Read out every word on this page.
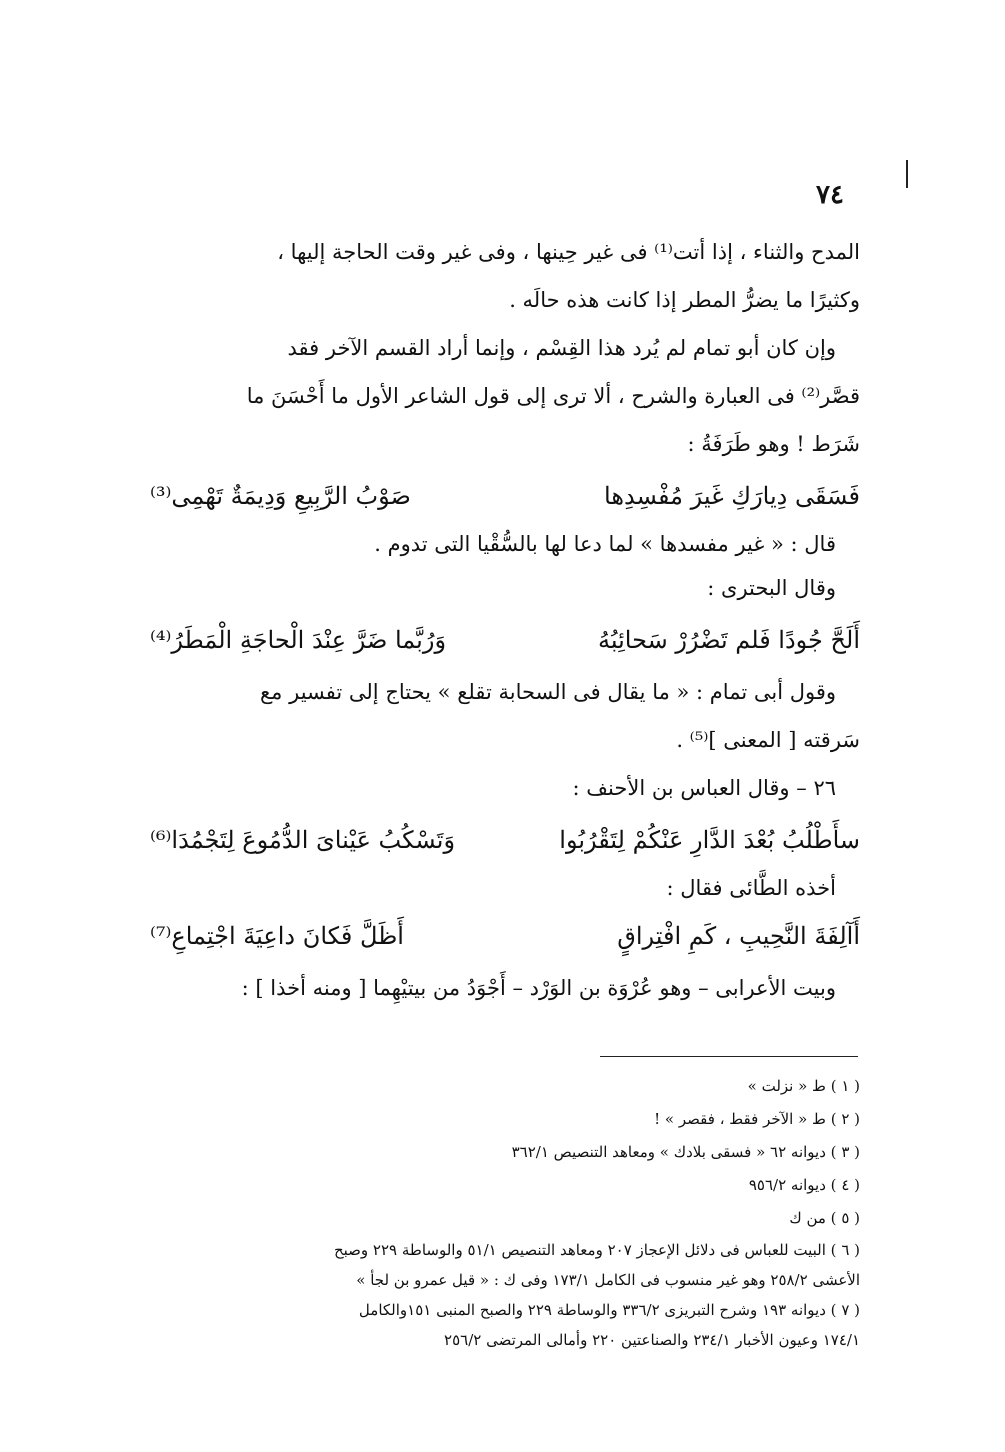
٧٤

المدح والثناء ، إذا أتت⁽¹⁾ فى غير حِينها ، وفى غير وقت الحاجة إليها ،

وكثيرًا ما يضرُّ المطر إذا كانت هذه حالَه .

وإن كان أبو تمام لم يُرد هذا القِسْم ، وإنما أراد القسم الآخر فقد

قصَّر⁽²⁾ فى العبارة والشرح ، ألا ترى إلى قول الشاعر الأول ما أَحْسَنَ ما

شَرَط ! وهو طَرَفَةُ :

فَسَقَى دِيارَكِ غَيرَ مُفْسِدِها
صَوْبُ الرَّبِيعِ وَدِيمَةٌ تَهْمِى⁽³⁾

قال : « غير مفسدها » لما دعا لها بالسُّقْيا التى تدوم .

وقال البحترى :

أَلَحَّ جُودًا فَلم تَضْرُرْ سَحائِبُهُ
وَرُبَّما ضَرَّ عِنْدَ الْحاجَةِ الْمَطَرُ⁽⁴⁾

وقول أبى تمام : « ما يقال فى السحابة تقلع » يحتاج إلى تفسير مع

سَرقته [ المعنى ]⁽⁵⁾ .

٢٦ – وقال العباس بن الأحنف :

سأَطْلُبُ بُعْدَ الدَّارِ عَنْكُمْ لِتَقْرُبُوا
وَتَسْكُبُ عَيْناىَ الدُّمُوعَ لِتَجْمُدَا⁽⁶⁾

أخذه الطَّائى فقال :

أَآلِفَةَ النَّحِيبِ ، كَمِ افْتِراقٍ
أَظَلَّ فَكانَ داعِيَةَ اجْتِماعِ⁽⁷⁾

وبيت الأعرابى – وهو عُرْوَة بن الوَرْد – أَجْوَدُ من بيتيْهِما [ ومنه أخذا ] :

( ١ ) ط « نزلت »

( ٢ ) ط « الآخر فقط ، فقصر » !

( ٣ ) ديوانه ٦٢ « فسقى بلادك » ومعاهد التنصيص ٣٦٢/١

( ٤ ) ديوانه ٩٥٦/٢

( ٥ ) من ك

( ٦ ) البيت للعباس فى دلائل الإعجاز ٢٠٧ ومعاهد التنصيص ٥١/١ والوساطة ٢٢٩ وصبح

الأعشى ٢٥٨/٢ وهو غير منسوب فى الكامل ١٧٣/١ وفى ك : « قيل عمرو بن لجأ »

( ٧ ) ديوانه ١٩٣ وشرح التبريزى ٣٣٦/٢ والوساطة ٢٢٩ والصبح المنبى ١٥١والكامل

١٧٤/١ وعيون الأخبار ٢٣٤/١ والصناعتين ٢٢٠ وأمالى المرتضى ٢٥٦/٢
